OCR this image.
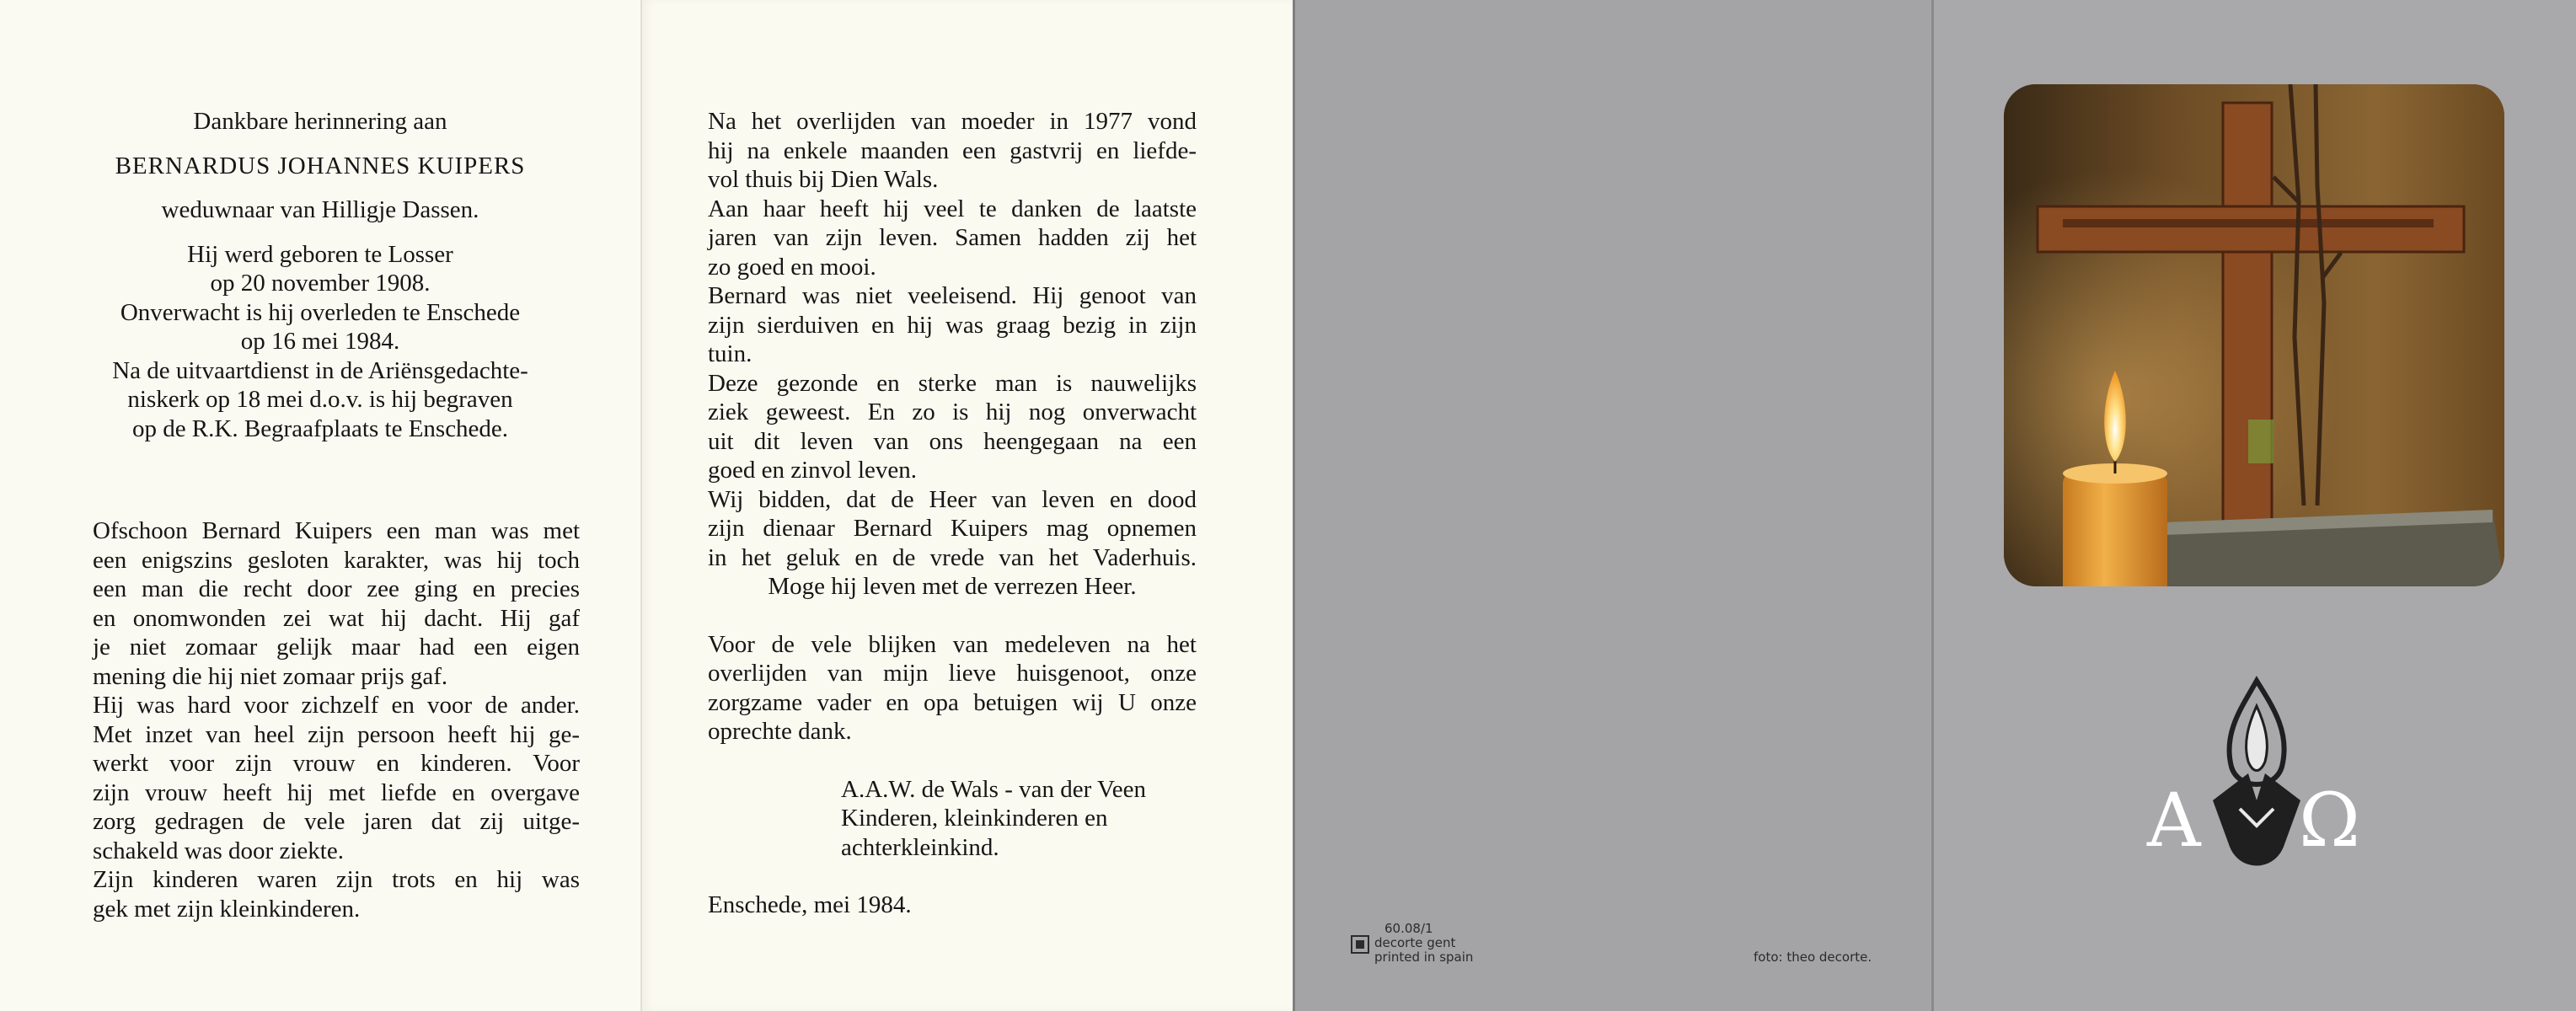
Dankbare herinnering aan
BERNARDUS JOHANNES KUIPERS
weduwnaar van Hilligje Dassen.
Hij werd geboren te Losser
op 20 november 1908.
Onverwacht is hij overleden te Enschede
op 16 mei 1984.
Na de uitvaartdienst in de Ariënsgedachte-
niskerk op 18 mei d.o.v. is hij begraven
op de R.K. Begraafplaats te Enschede.
Ofschoon Bernard Kuipers een man was met
een enigszins gesloten karakter, was hij toch
een man die recht door zee ging en precies
en onomwonden zei wat hij dacht. Hij gaf
je niet zomaar gelijk maar had een eigen
mening die hij niet zomaar prijs gaf.
Hij was hard voor zichzelf en voor de ander.
Met inzet van heel zijn persoon heeft hij ge-
werkt voor zijn vrouw en kinderen. Voor
zijn vrouw heeft hij met liefde en overgave
zorg gedragen de vele jaren dat zij uitge-
schakeld was door ziekte.
Zijn kinderen waren zijn trots en hij was
gek met zijn kleinkinderen.
Na het overlijden van moeder in 1977 vond
hij na enkele maanden een gastvrij en liefde-
vol thuis bij Dien Wals.
Aan haar heeft hij veel te danken de laatste
jaren van zijn leven. Samen hadden zij het
zo goed en mooi.
Bernard was niet veeleisend. Hij genoot van
zijn sierduiven en hij was graag bezig in zijn
tuin.
Deze gezonde en sterke man is nauwelijks
ziek geweest. En zo is hij nog onverwacht
uit dit leven van ons heengegaan na een
goed en zinvol leven.
Wij bidden, dat de Heer van leven en dood
zijn dienaar Bernard Kuipers mag opnemen
in het geluk en de vrede van het Vaderhuis.
Moge hij leven met de verrezen Heer.
Voor de vele blijken van medeleven na het
overlijden van mijn lieve huisgenoot, onze
zorgzame vader en opa betuigen wij U onze
oprechte dank.
A.A.W. de Wals - van der Veen
Kinderen, kleinkinderen en
achterkleinkind.
Enschede, mei 1984.
60.08/1
decorte gent
printed in spain	foto: theo decorte.
Α Ω
